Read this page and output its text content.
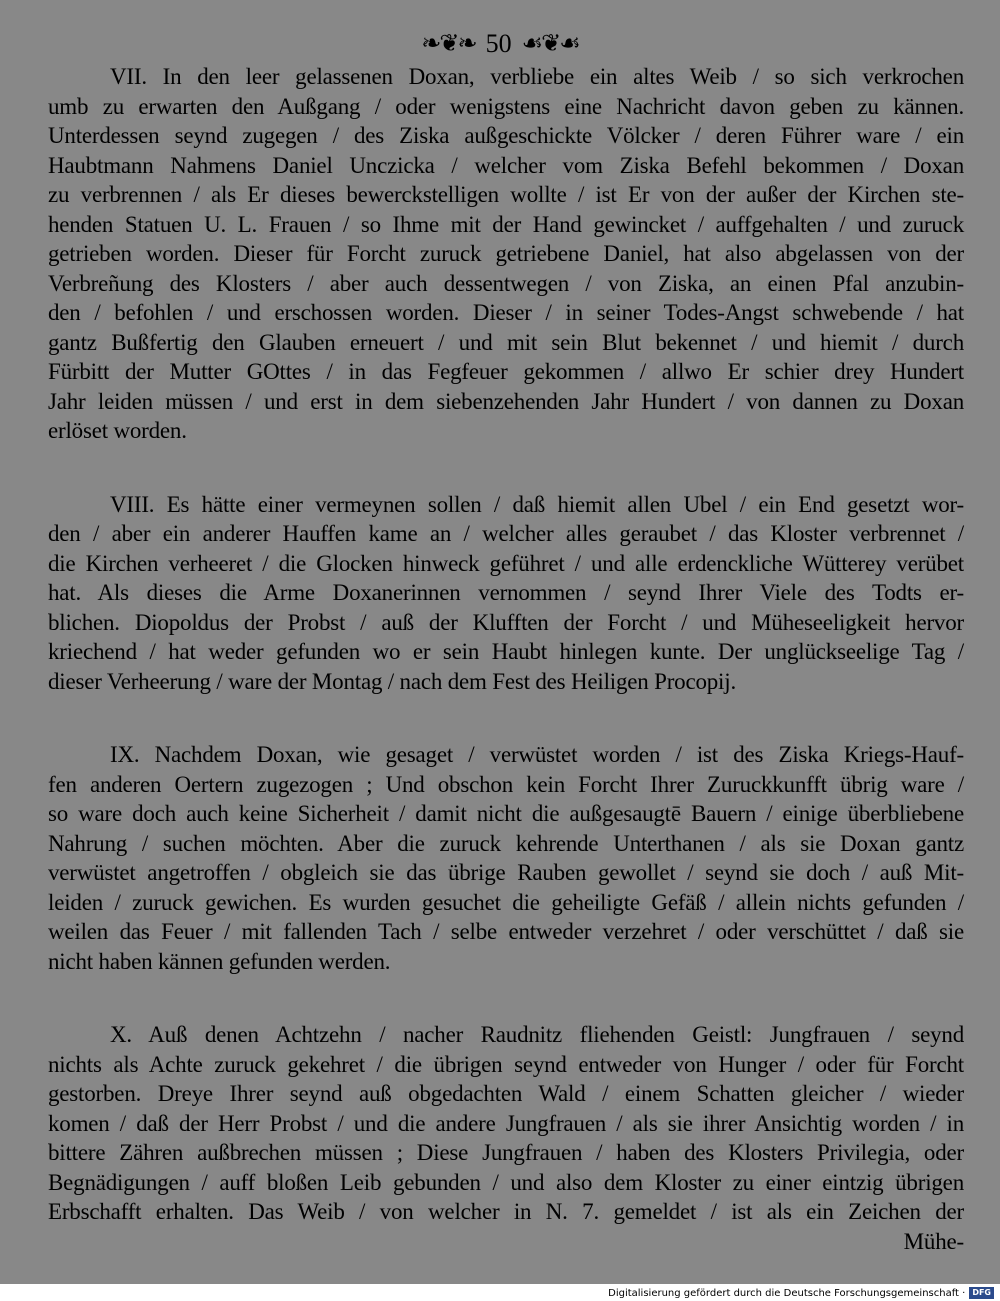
❧❦❧ 50 ☙❦☙
VII. In den leer gelassenen Doxan, verbliebe ein altes Weib / so sich verkrochen
umb zu erwarten den Außgang / oder wenigstens eine Nachricht davon geben zu kännen.
Unterdessen seynd zugegen / des Ziska außgeschickte Völcker / deren Führer ware / ein
Haubtmann Nahmens Daniel Unczicka / welcher vom Ziska Befehl bekommen / Doxan
zu verbrennen / als Er dieses bewerckstelligen wollte / ist Er von der außer der Kirchen ste-
henden Statuen U. L. Frauen / so Ihme mit der Hand gewincket / auffgehalten / und zuruck
getrieben worden. Dieser für Forcht zuruck getriebene Daniel, hat also abgelassen von der
Verbreñung des Klosters / aber auch dessentwegen / von Ziska, an einen Pfal anzubin-
den / befohlen / und erschossen worden. Dieser / in seiner Todes-Angst schwebende / hat
gantz Bußfertig den Glauben erneuert / und mit sein Blut bekennet / und hiemit / durch
Fürbitt der Mutter GOttes / in das Fegfeuer gekommen / allwo Er schier drey Hundert
Jahr leiden müssen / und erst in dem siebenzehenden Jahr Hundert / von dannen zu Doxan
erlöset worden.
VIII. Es hätte einer vermeynen sollen / daß hiemit allen Ubel / ein End gesetzt wor-
den / aber ein anderer Hauffen kame an / welcher alles geraubet / das Kloster verbrennet /
die Kirchen verheeret / die Glocken hinweck geführet / und alle erdenckliche Wütterey verübet
hat. Als dieses die Arme Doxanerinnen vernommen / seynd Ihrer Viele des Todts er-
blichen. Diopoldus der Probst / auß der Klufften der Forcht / und Müheseeligkeit hervor
kriechend / hat weder gefunden wo er sein Haubt hinlegen kunte. Der unglückseelige Tag /
dieser Verheerung / ware der Montag / nach dem Fest des Heiligen Procopij.
IX. Nachdem Doxan, wie gesaget / verwüstet worden / ist des Ziska Kriegs-Hauf-
fen anderen Oertern zugezogen ; Und obschon kein Forcht Ihrer Zuruckkunfft übrig ware /
so ware doch auch keine Sicherheit / damit nicht die außgesaugtē Bauern / einige überbliebene
Nahrung / suchen möchten. Aber die zuruck kehrende Unterthanen / als sie Doxan gantz
verwüstet angetroffen / obgleich sie das übrige Rauben gewollet / seynd sie doch / auß Mit-
leiden / zuruck gewichen. Es wurden gesuchet die geheiligte Gefäß / allein nichts gefunden /
weilen das Feuer / mit fallenden Tach / selbe entweder verzehret / oder verschüttet / daß sie
nicht haben kännen gefunden werden.
X. Auß denen Achtzehn / nacher Raudnitz fliehenden Geistl: Jungfrauen / seynd
nichts als Achte zuruck gekehret / die übrigen seynd entweder von Hunger / oder für Forcht
gestorben. Dreye Ihrer seynd auß obgedachten Wald / einem Schatten gleicher / wieder
komen / daß der Herr Probst / und die andere Jungfrauen / als sie ihrer Ansichtig worden / in
bittere Zähren außbrechen müssen ; Diese Jungfrauen / haben des Klosters Privilegia, oder
Begnädigungen / auff bloßen Leib gebunden / und also dem Kloster zu einer eintzig übrigen
Erbschafft erhalten. Das Weib / von welcher in N. 7. gemeldet / ist als ein Zeichen der
Mühe-
Digitalisierung gefördert durch die Deutsche Forschungsgemeinschaft · DFG
